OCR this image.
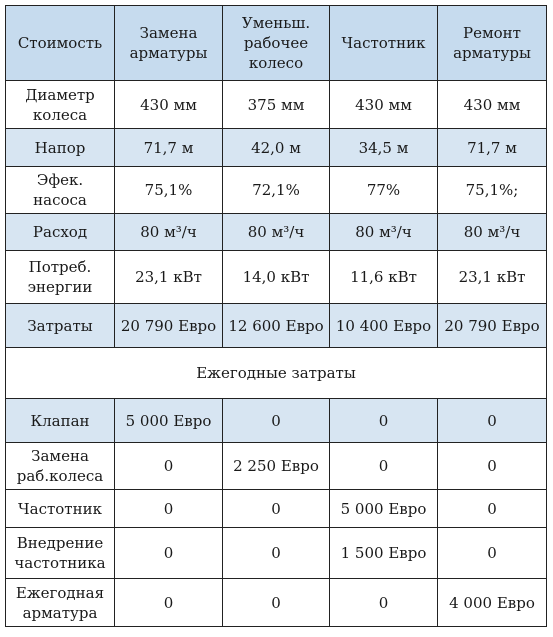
Стоимость	Замена арматуры	Уменьш. рабочее колесо	Частотник	Ремонт арматуры
Диаметр колеса	430 мм	375 мм	430 мм	430 мм
Напор	71,7 м	42,0 м	34,5 м	71,7 м
Эфек. насоса	75,1%	72,1%	77%	75,1%;
Расход	80 м³/ч	80 м³/ч	80 м³/ч	80 м³/ч
Потреб. энергии	23,1 кВт	14,0 кВт	11,6 кВт	23,1 кВт
Затраты	20 790 Евро	12 600 Евро	10 400 Евро	20 790 Евро
Ежегодные затраты				
Клапан	5 000 Евро	0	0	0
Замена раб.колеса	0	2 250 Евро	0	0
Частотник	0	0	5 000 Евро	0
Внедрение частотника	0	0	1 500 Евро	0
Ежегодная арматура	0	0	0	4 000 Евро
